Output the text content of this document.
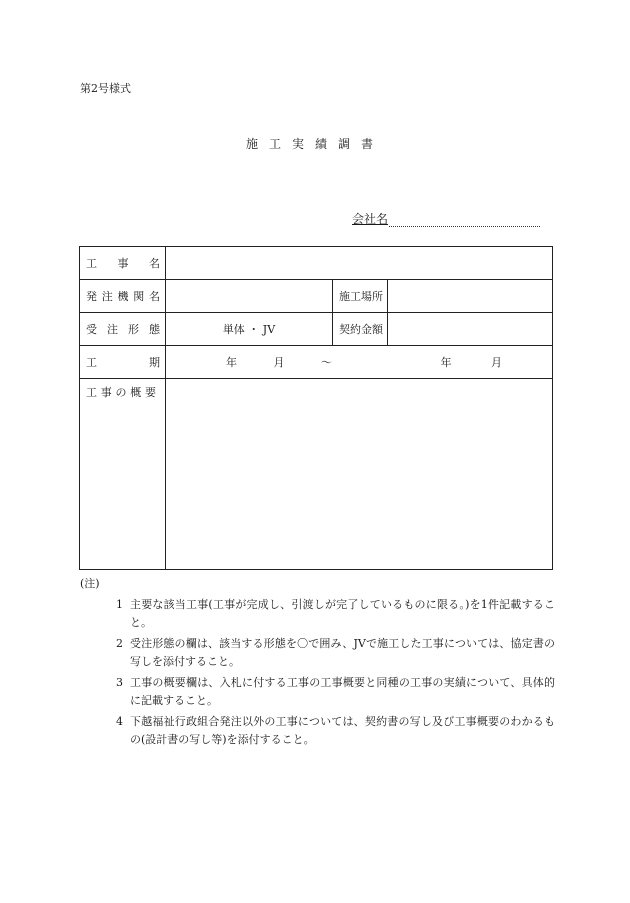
第2号様式
施工実績調書
会社名
工 事 名			

発 注 機 関 名		施工場所	

受 注 形 態	単体 ・ JV	契約金額	

工 期	年 月 ～ 年 月		

工 事 の 概 要			

(注)
1 主要な該当工事(工事が完成し、引渡しが完了しているものに限る。)を1件記載すること。
2 受注形態の欄は、該当する形態を〇で囲み、JVで施工した工事については、協定書の写しを添付すること。
3 工事の概要欄は、入札に付する工事の工事概要と同種の工事の実績について、具体的に記載すること。
4 下越福祉行政組合発注以外の工事については、契約書の写し及び工事概要のわかるもの(設計書の写し等)を添付すること。
